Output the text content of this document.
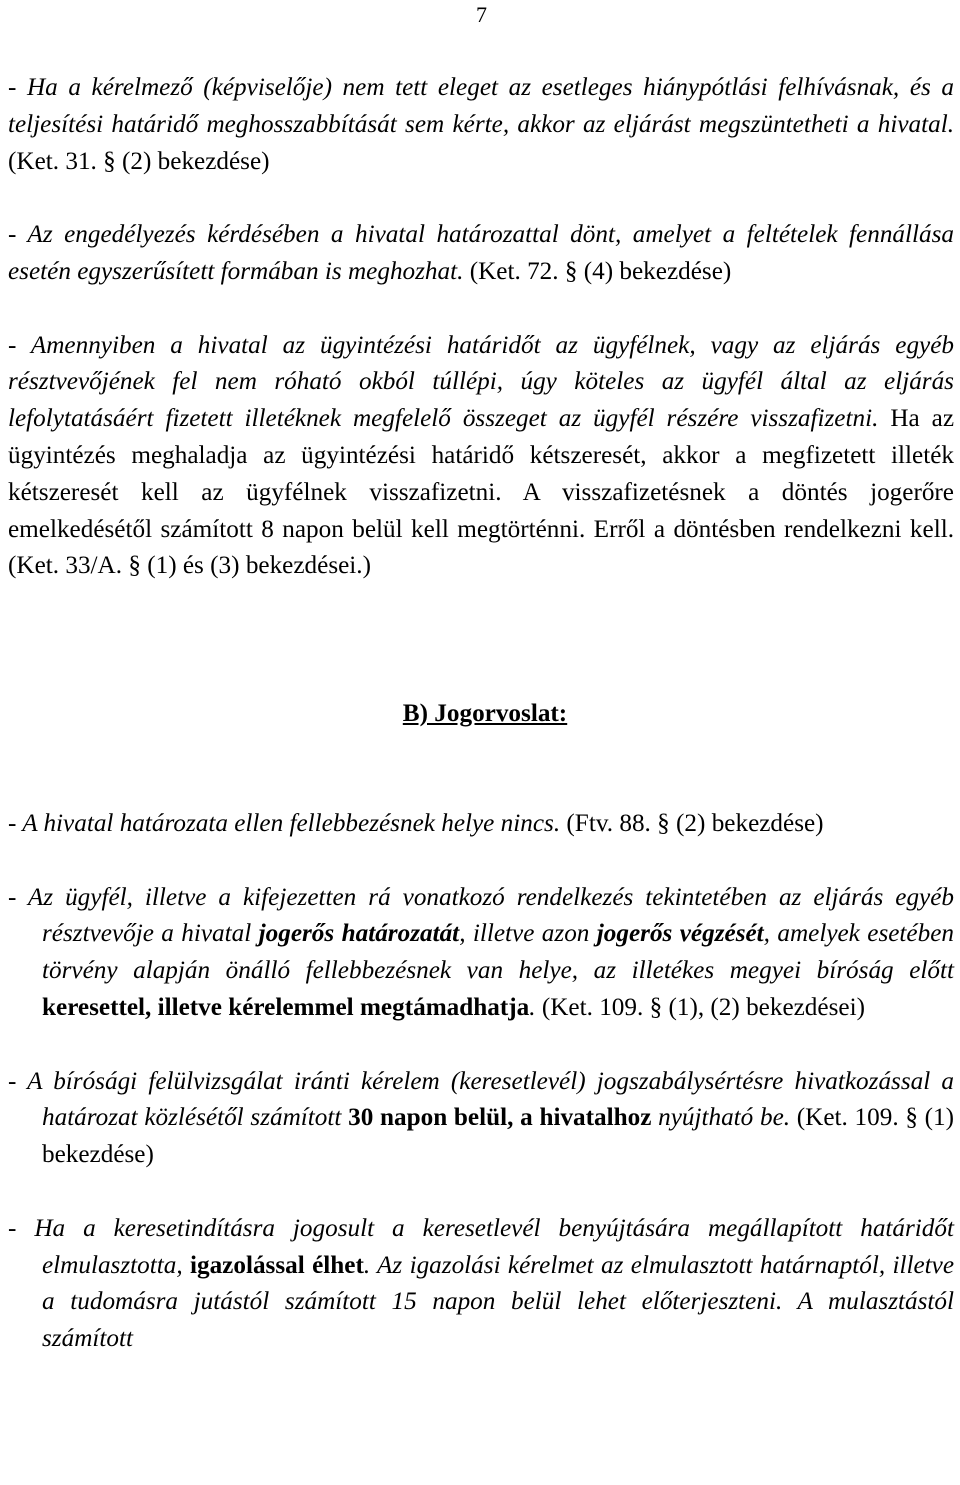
7

- Ha a kérelmező (képviselője) nem tett eleget az esetleges hiánypótlási felhívásnak, és a teljesítési határidő meghosszabbítását sem kérte, akkor az eljárást megszüntetheti a hivatal. (Ket. 31. § (2) bekezdése)

- Az engedélyezés kérdésében a hivatal határozattal dönt, amelyet a feltételek fennállása esetén egyszerűsített formában is meghozhat. (Ket. 72. § (4) bekezdése)

- Amennyiben a hivatal az ügyintézési határidőt az ügyfélnek, vagy az eljárás egyéb résztvevőjének fel nem róható okból túllépi, úgy köteles az ügyfél által az eljárás lefolytatásáért fizetett illetéknek megfelelő összeget az ügyfél részére visszafizetni. Ha az ügyintézés meghaladja az ügyintézési határidő kétszeresét, akkor a megfizetett illeték kétszeresét kell az ügyfélnek visszafizetni. A visszafizetésnek a döntés jogerőre emelkedésétől számított 8 napon belül kell megtörténni. Erről a döntésben rendelkezni kell. (Ket. 33/A. § (1) és (3) bekezdései.)

B) Jogorvoslat:

- A hivatal határozata ellen fellebbezésnek helye nincs. (Ftv. 88. § (2) bekezdése)

- Az ügyfél, illetve a kifejezetten rá vonatkozó rendelkezés tekintetében az eljárás egyéb résztvevője a hivatal jogerős határozatát, illetve azon jogerős végzését, amelyek esetében törvény alapján önálló fellebbezésnek van helye, az illetékes megyei bíróság előtt keresettel, illetve kérelemmel megtámadhatja. (Ket. 109. § (1), (2) bekezdései)

- A bírósági felülvizsgálat iránti kérelem (keresetlevél) jogszabálysértésre hivatkozással a határozat közlésétől számított 30 napon belül, a hivatalhoz nyújtható be. (Ket. 109. § (1) bekezdése)

- Ha a keresetindításra jogosult a keresetlevél benyújtására megállapított határidőt elmulasztotta, igazolással élhet. Az igazolási kérelmet az elmulasztott határnaptól, illetve a tudomásra jutástól számított 15 napon belül lehet előterjeszteni. A mulasztástól számított
